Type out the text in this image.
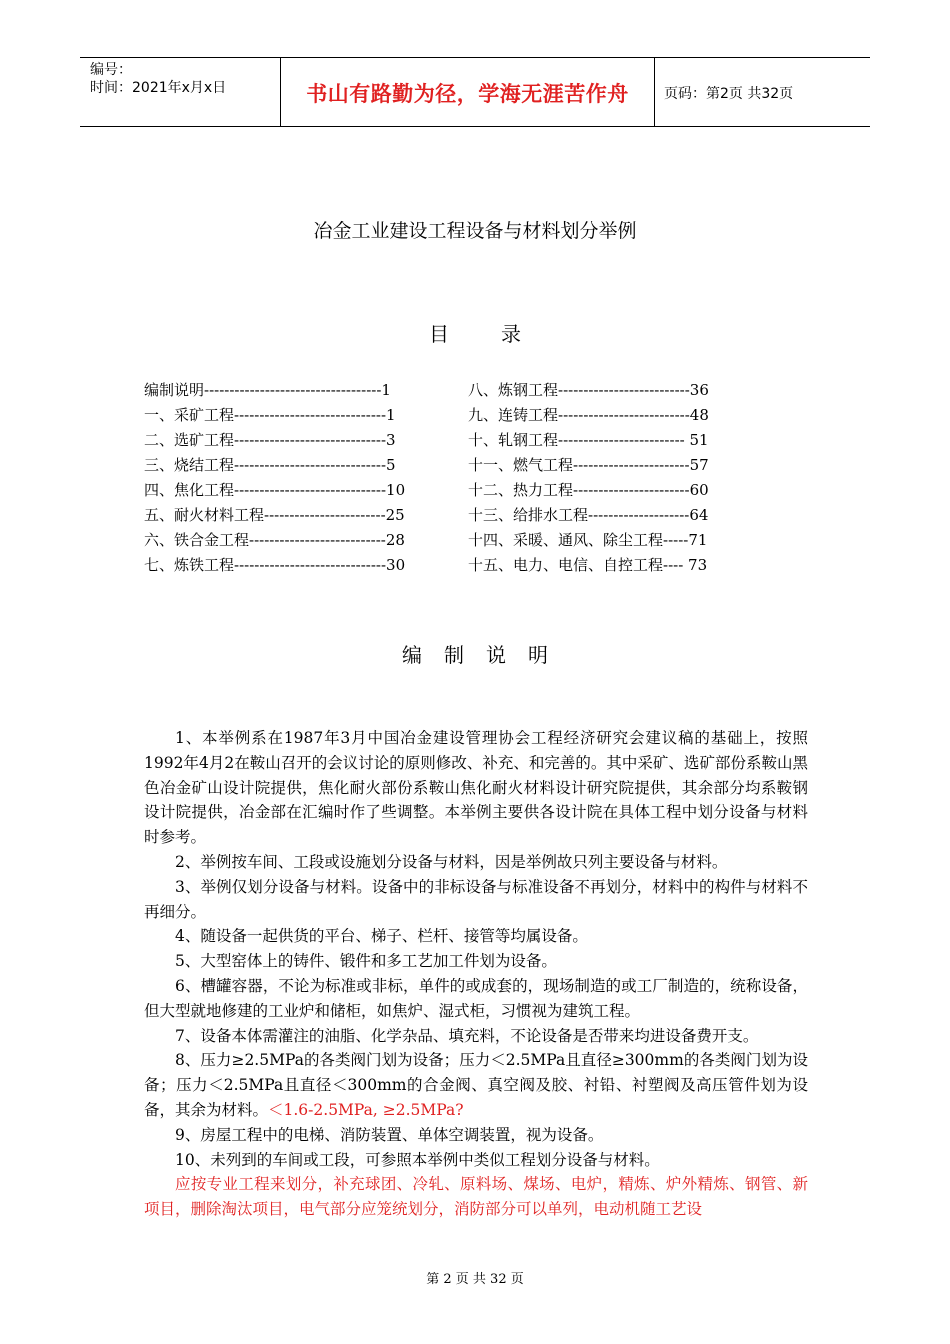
编号：
时间：2021年x月x日	书山有路勤为径，学海无涯苦作舟	页码：第2页 共32页
冶金工业建设工程设备与材料划分举例
目录
编制说明-----------------------------------1
一、采矿工程------------------------------1
二、选矿工程------------------------------3
三、烧结工程------------------------------5
四、焦化工程------------------------------10
五、耐火材料工程------------------------25
六、铁合金工程---------------------------28
七、炼铁工程------------------------------30
八、炼钢工程--------------------------36
九、连铸工程--------------------------48
十、轧钢工程------------------------- 51
十一、燃气工程-----------------------57
十二、热力工程-----------------------60
十三、给排水工程--------------------64
十四、采暖、通风、除尘工程-----71
十五、电力、电信、自控工程---- 73
编制说明

1、本举例系在1987年3月中国冶金建设管理协会工程经济研究会建议稿的基础上，按照1992年4月2在鞍山召开的会议讨论的原则修改、补充、和完善的。其中采矿、选矿部份系鞍山黑色冶金矿山设计院提供，焦化耐火部份系鞍山焦化耐火材料设计研究院提供，其余部分均系鞍钢设计院提供，冶金部在汇编时作了些调整。本举例主要供各设计院在具体工程中划分设备与材料时参考。

2、举例按车间、工段或设施划分设备与材料，因是举例故只列主要设备与材料。

3、举例仅划分设备与材料。设备中的非标设备与标准设备不再划分，材料中的构件与材料不再细分。

4、随设备一起供货的平台、梯子、栏杆、接管等均属设备。

5、大型窑体上的铸件、锻件和多工艺加工件划为设备。

6、槽罐容器，不论为标准或非标，单件的或成套的，现场制造的或工厂制造的，统称设备，但大型就地修建的工业炉和储柜，如焦炉、湿式柜，习惯视为建筑工程。

7、设备本体需灌注的油脂、化学杂品、填充料，不论设备是否带来均进设备费开支。

8、压力≥2.5MPa的各类阀门划为设备；压力＜2.5MPa且直径≥300mm的各类阀门划为设备；压力＜2.5MPa且直径＜300mm的合金阀、真空阀及胶、衬铅、衬塑阀及高压管件划为设备，其余为材料。＜1.6-2.5MPa, ≥2.5MPa?

9、房屋工程中的电梯、消防装置、单体空调装置，视为设备。

10、未列到的车间或工段，可参照本举例中类似工程划分设备与材料。

应按专业工程来划分，补充球团、冷轧、原料场、煤场、电炉，精炼、炉外精炼、钢管、新项目，删除淘汰项目，电气部分应笼统划分，消防部分可以单列，电动机随工艺设

第 2 页 共 32 页
